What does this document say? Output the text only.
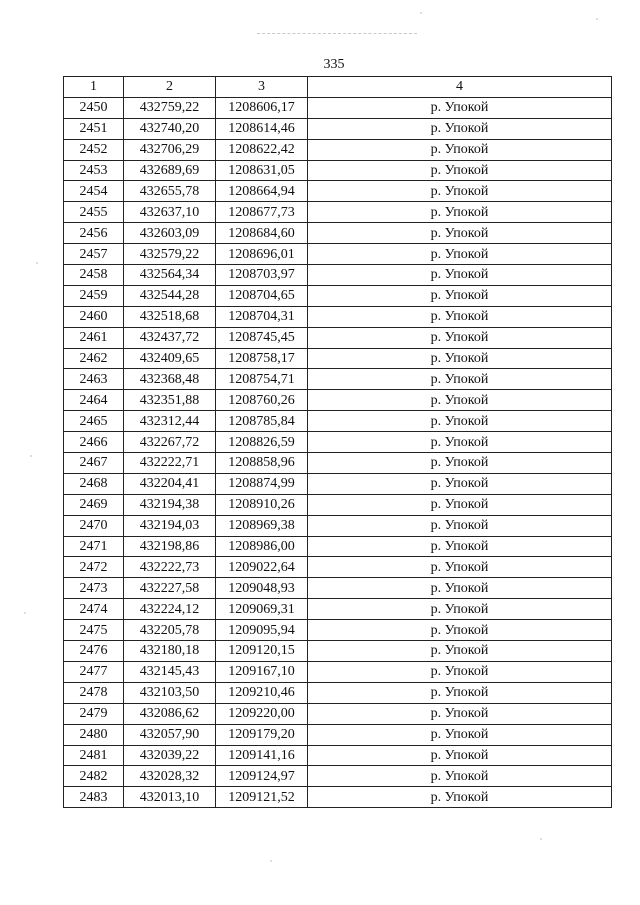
335
1	2	3	4
2450	432759,22	1208606,17	р. Упокой
2451	432740,20	1208614,46	р. Упокой
2452	432706,29	1208622,42	р. Упокой
2453	432689,69	1208631,05	р. Упокой
2454	432655,78	1208664,94	р. Упокой
2455	432637,10	1208677,73	р. Упокой
2456	432603,09	1208684,60	р. Упокой
2457	432579,22	1208696,01	р. Упокой
2458	432564,34	1208703,97	р. Упокой
2459	432544,28	1208704,65	р. Упокой
2460	432518,68	1208704,31	р. Упокой
2461	432437,72	1208745,45	р. Упокой
2462	432409,65	1208758,17	р. Упокой
2463	432368,48	1208754,71	р. Упокой
2464	432351,88	1208760,26	р. Упокой
2465	432312,44	1208785,84	р. Упокой
2466	432267,72	1208826,59	р. Упокой
2467	432222,71	1208858,96	р. Упокой
2468	432204,41	1208874,99	р. Упокой
2469	432194,38	1208910,26	р. Упокой
2470	432194,03	1208969,38	р. Упокой
2471	432198,86	1208986,00	р. Упокой
2472	432222,73	1209022,64	р. Упокой
2473	432227,58	1209048,93	р. Упокой
2474	432224,12	1209069,31	р. Упокой
2475	432205,78	1209095,94	р. Упокой
2476	432180,18	1209120,15	р. Упокой
2477	432145,43	1209167,10	р. Упокой
2478	432103,50	1209210,46	р. Упокой
2479	432086,62	1209220,00	р. Упокой
2480	432057,90	1209179,20	р. Упокой
2481	432039,22	1209141,16	р. Упокой
2482	432028,32	1209124,97	р. Упокой
2483	432013,10	1209121,52	р. Упокой
